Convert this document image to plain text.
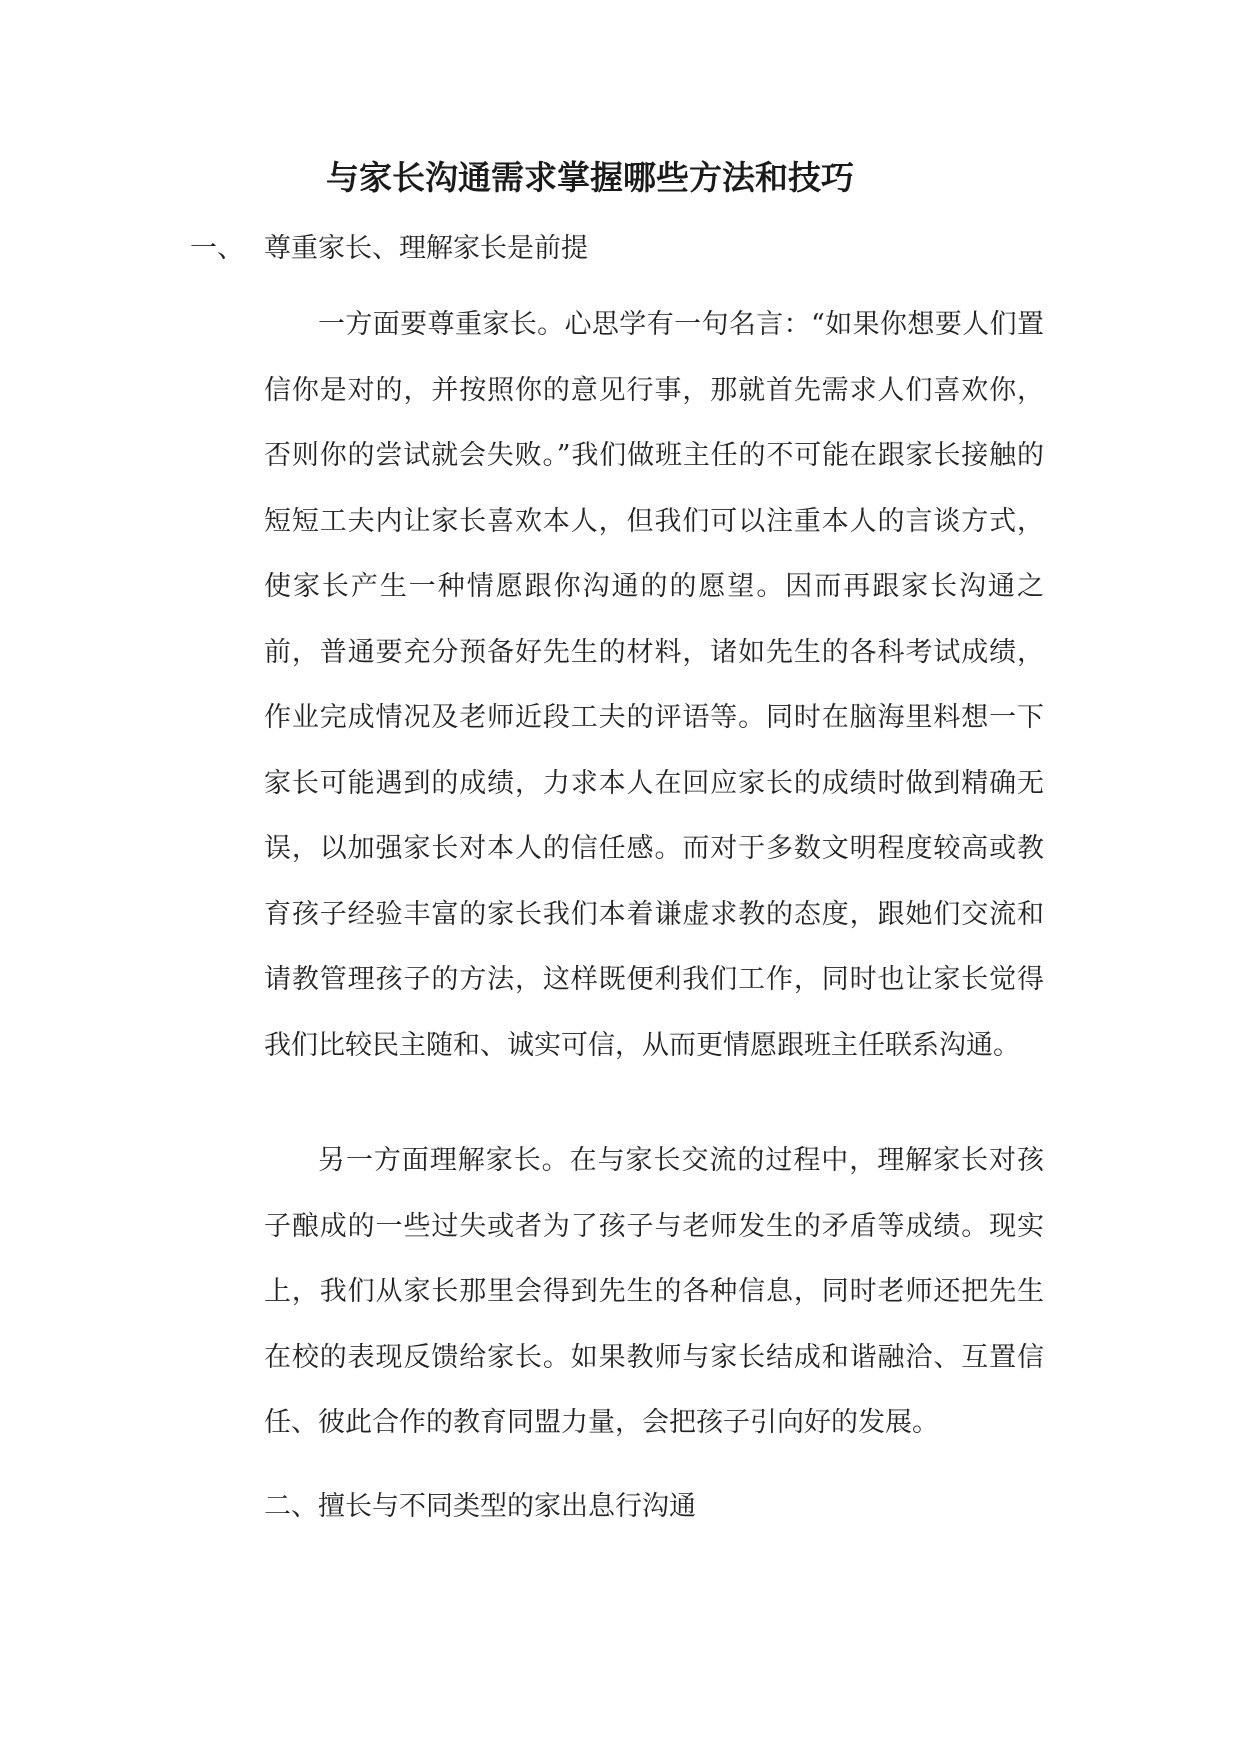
与家长沟通需求掌握哪些方法和技巧
一、 尊重家长、理解家长是前提

一方面要尊重家长。心思学有一句名言：“如果你想要人们置信你是对的，并按照你的意见行事，那就首先需求人们喜欢你，否则你的尝试就会失败。”我们做班主任的不可能在跟家长接触的短短工夫内让家长喜欢本人，但我们可以注重本人的言谈方式，使家长产生一种情愿跟你沟通的的愿望。因而再跟家长沟通之前，普通要充分预备好先生的材料，诸如先生的各科考试成绩，作业完成情况及老师近段工夫的评语等。同时在脑海里料想一下家长可能遇到的成绩，力求本人在回应家长的成绩时做到精确无误，以加强家长对本人的信任感。而对于多数文明程度较高或教育孩子经验丰富的家长我们本着谦虚求教的态度，跟她们交流和请教管理孩子的方法，这样既便利我们工作，同时也让家长觉得我们比较民主随和、诚实可信，从而更情愿跟班主任联系沟通。

另一方面理解家长。在与家长交流的过程中，理解家长对孩子酿成的一些过失或者为了孩子与老师发生的矛盾等成绩。现实上，我们从家长那里会得到先生的各种信息，同时老师还把先生在校的表现反馈给家长。如果教师与家长结成和谐融洽、互置信任、彼此合作的教育同盟力量，会把孩子引向好的发展。

二、擅长与不同类型的家出息行沟通
